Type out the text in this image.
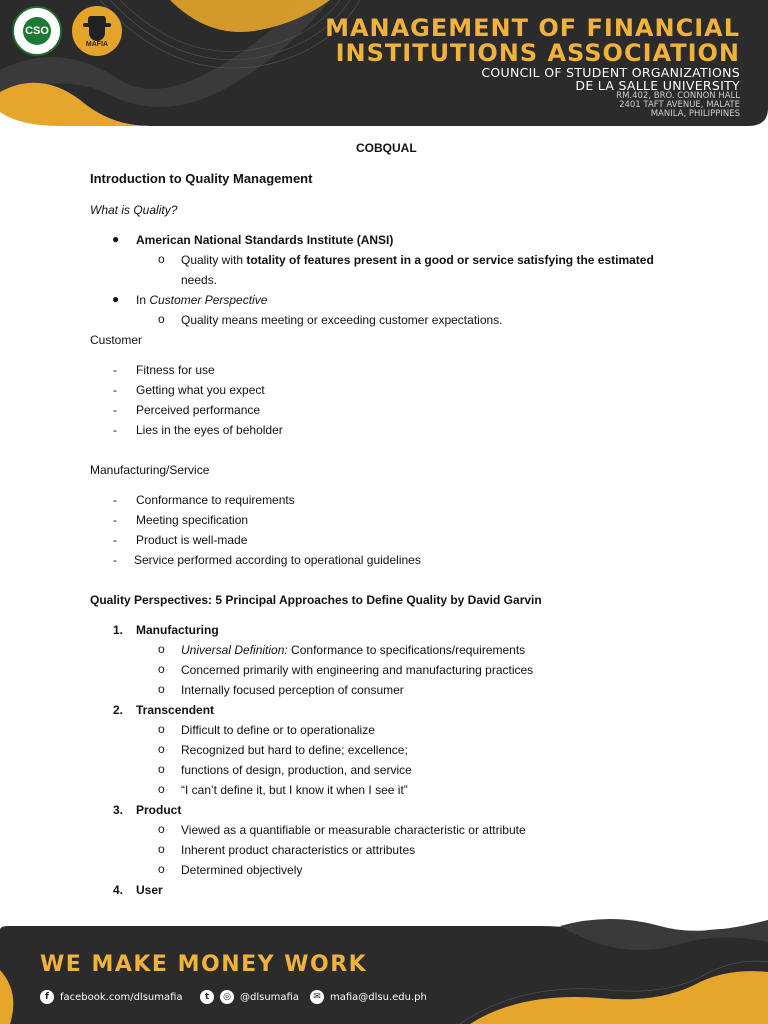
CSO
MAFIA
MANAGEMENT OF FINANCIAL
INSTITUTIONS ASSOCIATION
COUNCIL OF STUDENT ORGANIZATIONS
DE LA SALLE UNIVERSITY
RM.402, BRO. CONNON HALL
2401 TAFT AVENUE, MALATE
MANILA, PHILIPPINES
COBQUAL
Introduction to Quality Management
What is Quality?
● American National Standards Institute (ANSI)
o Quality with totality of features present in a good or service satisfying the estimated
needs.
● In Customer Perspective
o Quality means meeting or exceeding customer expectations.
Customer
- Fitness for use
- Getting what you expect
- Perceived performance
- Lies in the eyes of beholder
Manufacturing/Service
- Conformance to requirements
- Meeting specification
- Product is well-made
- Service performed according to operational guidelines
Quality Perspectives: 5 Principal Approaches to Define Quality by David Garvin
1. Manufacturing
o Universal Definition: Conformance to specifications/requirements
o Concerned primarily with engineering and manufacturing practices
o Internally focused perception of consumer
2. Transcendent
o Difficult to define or to operationalize
o Recognized but hard to define; excellence;
o functions of design, production, and service
o “I can’t define it, but I know it when I see it”
3. Product
o Viewed as a quantifiable or measurable characteristic or attribute
o Inherent product characteristics or attributes
o Determined objectively
4. User
WE MAKE MONEY WORK
f	facebook.com/dlsumafia	t	◎ @dlsumafia	✉ mafia@dlsu.edu.ph
